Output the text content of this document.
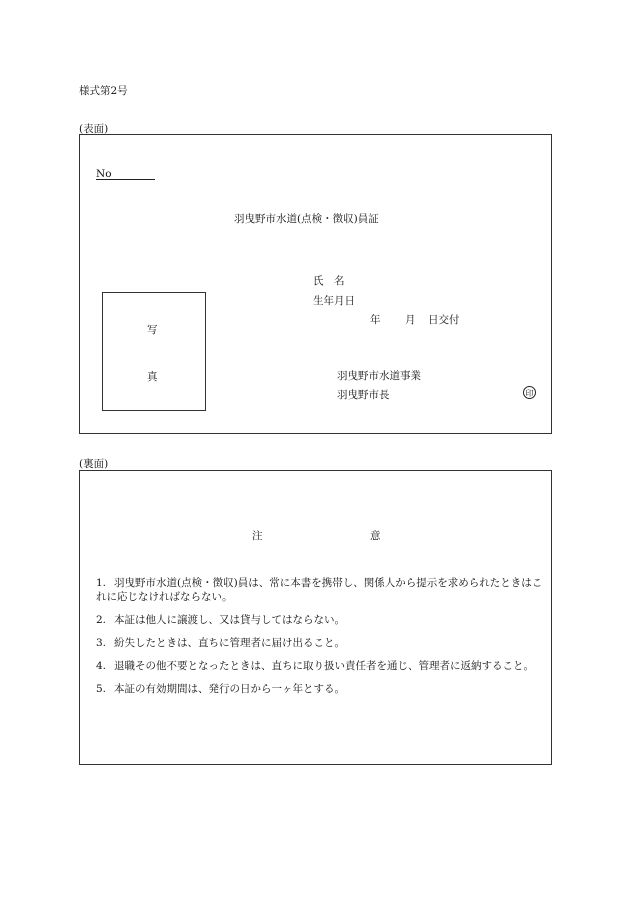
様式第2号
(表面)
No
羽曳野市水道(点検・徴収)員証
氏　名
生年月日
年 月 日交付
写
真	羽曳野市水道事業
羽曳野市長	印
(裏面)
注	意
1. 羽曳野市水道(点検・徴収)員は、常に本書を携帯し、関係人から提示を求められたときはこれに応じなければならない。
2. 本証は他人に譲渡し、又は貸与してはならない。
3. 紛失したときは、直ちに管理者に届け出ること。
4. 退職その他不要となったときは、直ちに取り扱い責任者を通じ、管理者に返納すること。
5. 本証の有効期間は、発行の日から一ヶ年とする。
